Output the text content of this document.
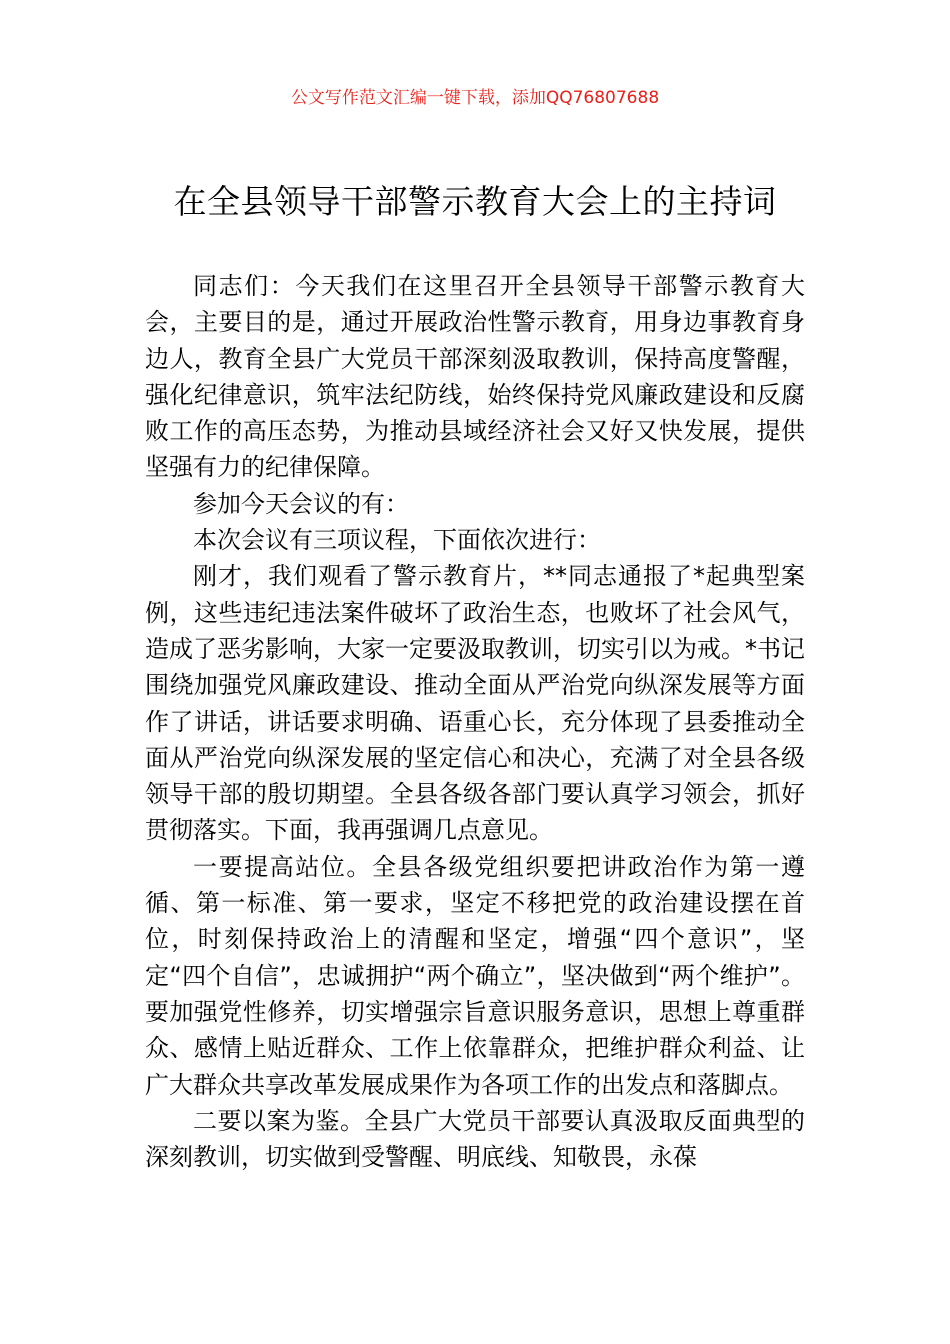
公文写作范文汇编一键下载，添加QQ76807688
在全县领导干部警示教育大会上的主持词

同志们：今天我们在这里召开全县领导干部警示教育大会，主要目的是，通过开展政治性警示教育，用身边事教育身边人，教育全县广大党员干部深刻汲取教训，保持高度警醒，强化纪律意识，筑牢法纪防线，始终保持党风廉政建设和反腐败工作的高压态势，为推动县域经济社会又好又快发展，提供坚强有力的纪律保障。

参加今天会议的有：

本次会议有三项议程，下面依次进行：

刚才，我们观看了警示教育片，**同志通报了*起典型案例，这些违纪违法案件破坏了政治生态，也败坏了社会风气，造成了恶劣影响，大家一定要汲取教训，切实引以为戒。*书记围绕加强党风廉政建设、推动全面从严治党向纵深发展等方面作了讲话，讲话要求明确、语重心长，充分体现了县委推动全面从严治党向纵深发展的坚定信心和决心，充满了对全县各级领导干部的殷切期望。全县各级各部门要认真学习领会，抓好贯彻落实。下面，我再强调几点意见。

一要提高站位。全县各级党组织要把讲政治作为第一遵循、第一标准、第一要求，坚定不移把党的政治建设摆在首位，时刻保持政治上的清醒和坚定，增强“四个意识”，坚定“四个自信”，忠诚拥护“两个确立”，坚决做到“两个维护”。要加强党性修养，切实增强宗旨意识服务意识，思想上尊重群众、感情上贴近群众、工作上依靠群众，把维护群众利益、让广大群众共享改革发展成果作为各项工作的出发点和落脚点。

二要以案为鉴。全县广大党员干部要认真汲取反面典型的深刻教训，切实做到受警醒、明底线、知敬畏，永葆
